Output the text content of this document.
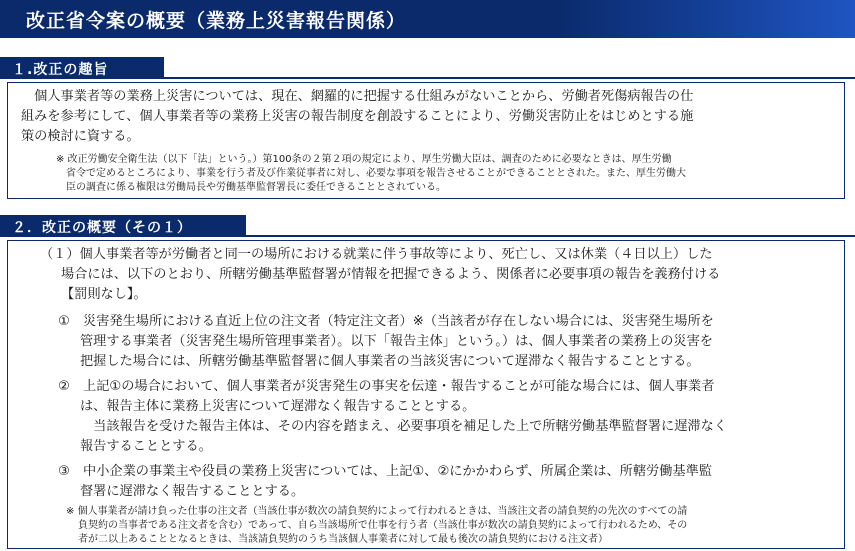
改正省令案の概要（業務上災害報告関係）
１.改正の趣旨
　個人事業者等の業務上災害については、現在、網羅的に把握する仕組みがないことから、労働者死傷病報告の仕
組みを参考にして、個人事業者等の業務上災害の報告制度を創設することにより、労働災害防止をはじめとする施
策の検討に資する。
※ 改正労働安全衛生法（以下「法」という。）第100条の２第２項の規定により、厚生労働大臣は、調査のために必要なときは、厚生労働
省令で定めるところにより、事業を行う者及び作業従事者に対し、必要な事項を報告させることができることとされた。また、厚生労働大
臣の調査に係る権限は労働局長や労働基準監督署長に委任できることとされている。
２．改正の概要（その１）
（１）個人事業者等が労働者と同一の場所における就業に伴う事故等により、死亡し、又は休業（４日以上）した
場合には、以下のとおり、所轄労働基準監督署が情報を把握できるよう、関係者に必要事項の報告を義務付ける
【罰則なし】。
①　災害発生場所における直近上位の注文者（特定注文者）※（当該者が存在しない場合には、災害発生場所を
管理する事業者（災害発生場所管理事業者）。以下「報告主体」という。）は、個人事業者の業務上の災害を
把握した場合には、所轄労働基準監督署に個人事業者の当該災害について遅滞なく報告することとする。
②　上記①の場合において、個人事業者が災害発生の事実を伝達・報告することが可能な場合には、個人事業者
は、報告主体に業務上災害について遅滞なく報告することとする。
　当該報告を受けた報告主体は、その内容を踏まえ、必要事項を補足した上で所轄労働基準監督署に遅滞なく
報告することとする。
③　中小企業の事業主や役員の業務上災害については、上記①、②にかかわらず、所属企業は、所轄労働基準監
督署に遅滞なく報告することとする。
※ 個人事業者が請け負った仕事の注文者（当該仕事が数次の請負契約によって行われるときは、当該注文者の請負契約の先次のすべての請
負契約の当事者である注文者を含む）であって、自ら当該場所で仕事を行う者（当該仕事が数次の請負契約によって行われるため、その
者が二以上あることとなるときは、当該請負契約のうち当該個人事業者に対して最も後次の請負契約における注文者）
